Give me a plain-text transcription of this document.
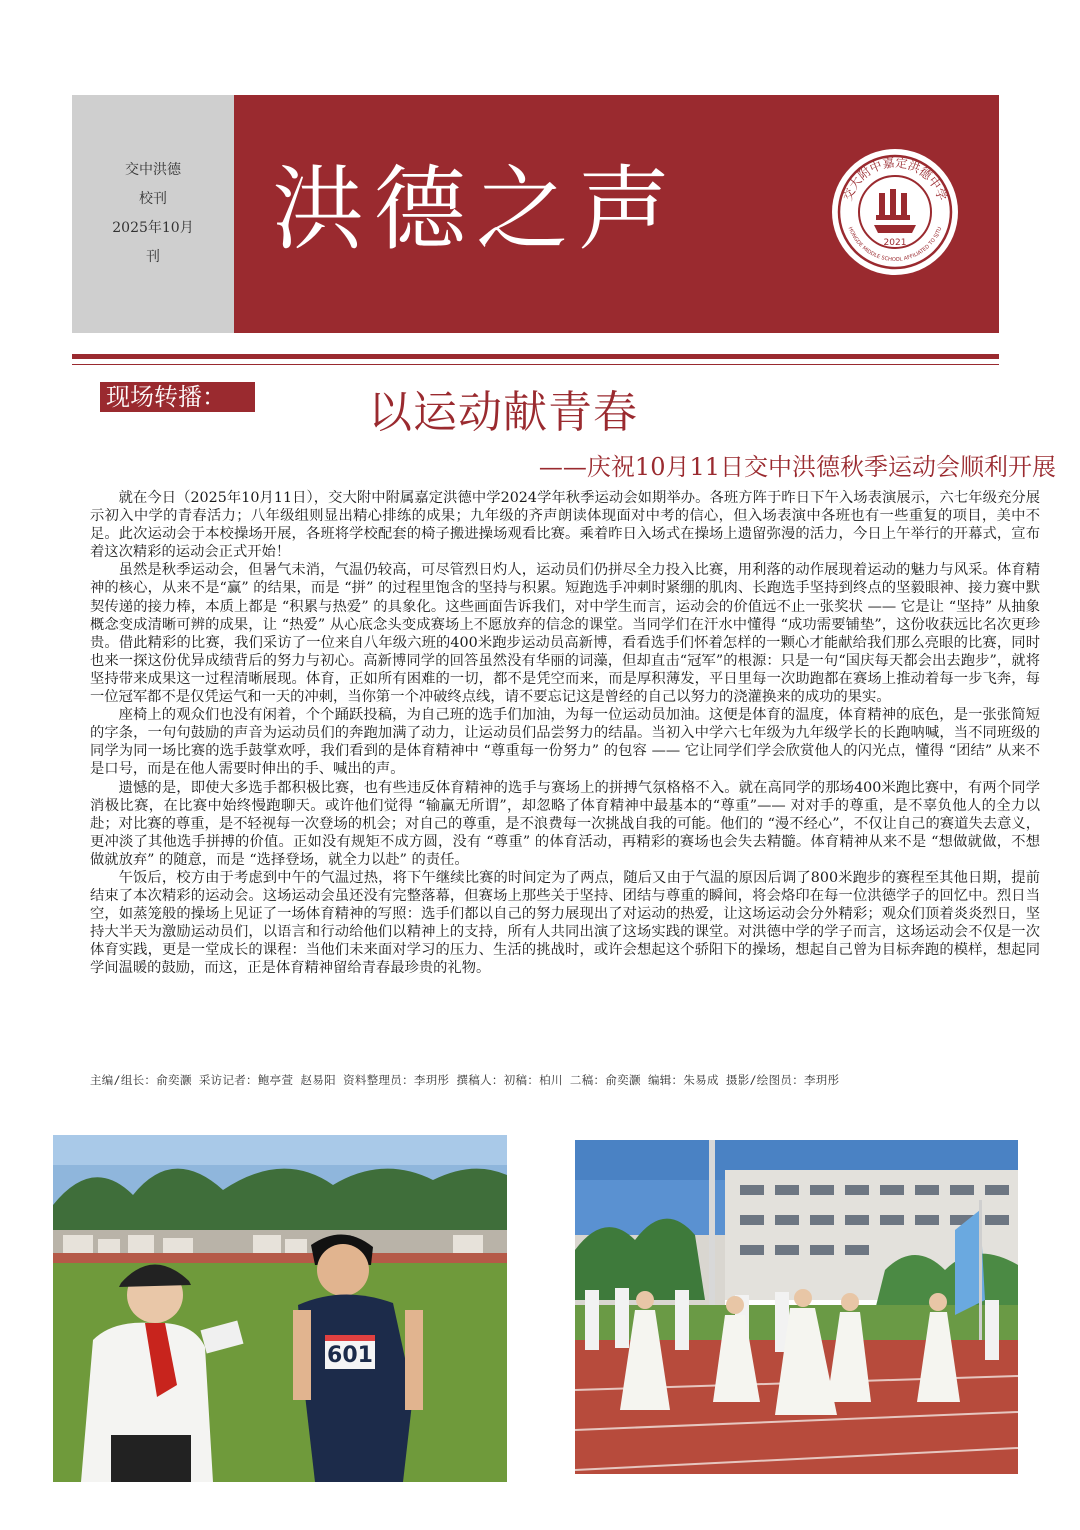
交中洪德
校刊
2025年10月
刊 洪德之声	交大附中嘉定洪德中学
HONGDE MIDDLE SCHOOL AFFILIATED TO SJTU
2021
现场转播：	以运动献青春
——庆祝10月11日交中洪德秋季运动会顺利开展

就在今日（2025年10月11日），交大附中附属嘉定洪德中学2024学年秋季运动会如期举办。各班方阵于昨日下午入场表演展示，六七年级充分展示初入中学的青春活力；八年级组则显出精心排练的成果；九年级的齐声朗读体现面对中考的信心，但入场表演中各班也有一些重复的项目，美中不足。此次运动会于本校操场开展，各班将学校配套的椅子搬进操场观看比赛。乘着昨日入场式在操场上遗留弥漫的活力，今日上午举行的开幕式，宣布着这次精彩的运动会正式开始！

虽然是秋季运动会，但暑气未消，气温仍较高，可尽管烈日灼人，运动员们仍拼尽全力投入比赛，用利落的动作展现着运动的魅力与风采。体育精神的核心，从来不是“赢” 的结果，而是 “拼” 的过程里饱含的坚持与积累。短跑选手冲刺时紧绷的肌肉、长跑选手坚持到终点的坚毅眼神、接力赛中默契传递的接力棒，本质上都是 “积累与热爱” 的具象化。这些画面告诉我们，对中学生而言，运动会的价值远不止一张奖状 —— 它是让 “坚持” 从抽象概念变成清晰可辨的成果，让 “热爱” 从心底念头变成赛场上不愿放弃的信念的课堂。当同学们在汗水中懂得 “成功需要铺垫”，这份收获远比名次更珍贵。借此精彩的比赛，我们采访了一位来自八年级六班的400米跑步运动员高新博，看看选手们怀着怎样的一颗心才能献给我们那么亮眼的比赛，同时也来一探这份优异成绩背后的努力与初心。高新博同学的回答虽然没有华丽的词藻，但却直击“冠军”的根源：只是一句“国庆每天都会出去跑步”，就将坚持带来成果这一过程清晰展现。体育，正如所有困难的一切，都不是凭空而来，而是厚积薄发，平日里每一次助跑都在赛场上推动着每一步飞奔，每一位冠军都不是仅凭运气和一天的冲刺，当你第一个冲破终点线，请不要忘记这是曾经的自己以努力的浇灌换来的成功的果实。

座椅上的观众们也没有闲着，个个踊跃投稿，为自己班的选手们加油，为每一位运动员加油。这便是体育的温度，体育精神的底色，是一张张简短的字条，一句句鼓励的声音为运动员们的奔跑加满了动力，让运动员们品尝努力的结晶。当初入中学六七年级为九年级学长的长跑呐喊，当不同班级的同学为同一场比赛的选手鼓掌欢呼，我们看到的是体育精神中 “尊重每一份努力” 的包容 —— 它让同学们学会欣赏他人的闪光点，懂得 “团结” 从来不是口号，而是在他人需要时伸出的手、喊出的声。

遗憾的是，即使大多选手都积极比赛，也有些违反体育精神的选手与赛场上的拼搏气氛格格不入。就在高同学的那场400米跑比赛中，有两个同学消极比赛，在比赛中始终慢跑聊天。或许他们觉得 “输赢无所谓”，却忽略了体育精神中最基本的“尊重”—— 对对手的尊重，是不辜负他人的全力以赴；对比赛的尊重，是不轻视每一次登场的机会；对自己的尊重，是不浪费每一次挑战自我的可能。他们的 “漫不经心”，不仅让自己的赛道失去意义，更冲淡了其他选手拼搏的价值。正如没有规矩不成方圆，没有 “尊重” 的体育活动，再精彩的赛场也会失去精髓。体育精神从来不是 “想做就做，不想做就放弃” 的随意，而是 “选择登场，就全力以赴” 的责任。

午饭后，校方由于考虑到中午的气温过热，将下午继续比赛的时间定为了两点，随后又由于气温的原因后调了800米跑步的赛程至其他日期，提前结束了本次精彩的运动会。这场运动会虽还没有完整落幕，但赛场上那些关于坚持、团结与尊重的瞬间，将会烙印在每一位洪德学子的回忆中。烈日当空，如蒸笼般的操场上见证了一场体育精神的写照：选手们都以自己的努力展现出了对运动的热爱，让这场运动会分外精彩；观众们顶着炎炎烈日，坚持大半天为激励运动员们，以语言和行动给他们以精神上的支持，所有人共同出演了这场实践的课堂。对洪德中学的学子而言，这场运动会不仅是一次体育实践，更是一堂成长的课程：当他们未来面对学习的压力、生活的挑战时，或许会想起这个骄阳下的操场，想起自己曾为目标奔跑的模样，想起同学间温暖的鼓励，而这，正是体育精神留给青春最珍贵的礼物。

主编/组长：俞奕灏 采访记者：鲍亭萱 赵易阳 资料整理员：李玥彤 撰稿人：初稿：柏川 二稿：俞奕灏 编辑：朱易成 摄影/绘图员：李玥彤
601
